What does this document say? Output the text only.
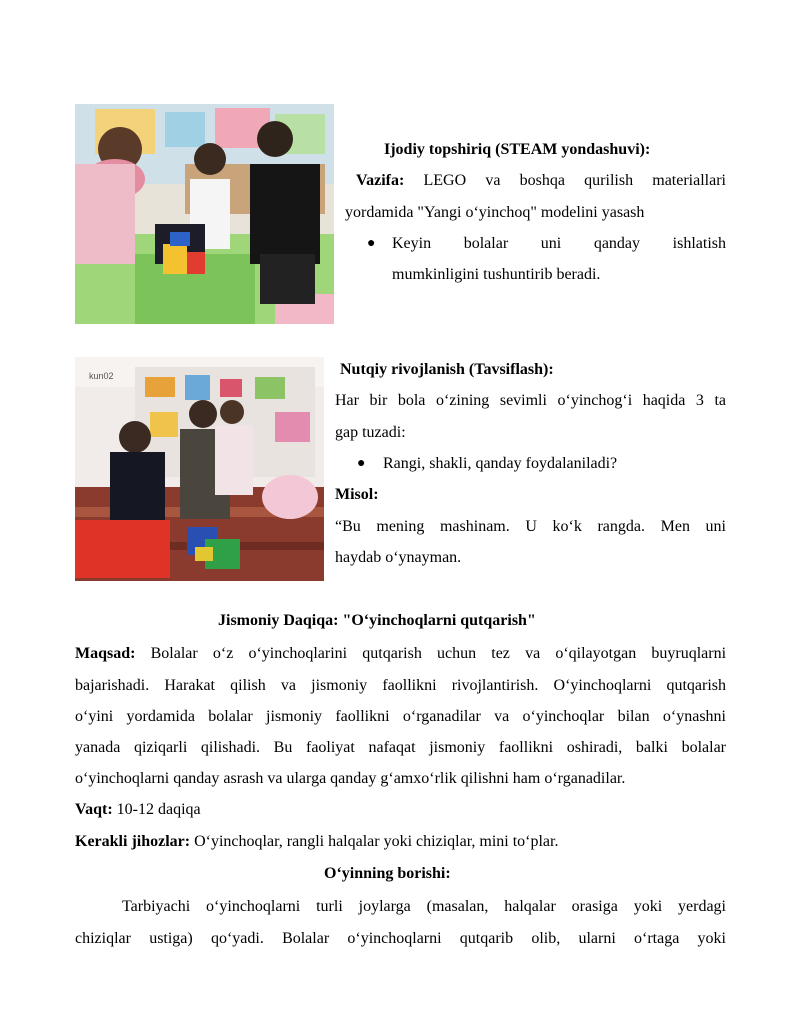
kun02
Ijodiy topshiriq (STEAM yondashuvi):
Vazifa: LEGO va boshqa qurilish materiallari
yordamida "Yangi o‘yinchoq" modelini yasash
● Keyin bolalar uni qanday ishlatish
mumkinligini tushuntirib beradi.
Nutqiy rivojlanish (Tavsiflash):
Har bir bola o‘zining sevimli o‘yinchog‘i haqida 3 ta
gap tuzadi:
● Rangi, shakli, qanday foydalaniladi?
Misol:
“Bu mening mashinam. U ko‘k rangda. Men uni
haydab o‘ynayman.
Jismoniy Daqiqa: "O‘yinchoqlarni qutqarish"
Maqsad: Bolalar o‘z o‘yinchoqlarini qutqarish uchun tez va o‘qilayotgan buyruqlarni
bajarishadi. Harakat qilish va jismoniy faollikni rivojlantirish. O‘yinchoqlarni qutqarish
o‘yini yordamida bolalar jismoniy faollikni o‘rganadilar va o‘yinchoqlar bilan o‘ynashni
yanada qiziqarli qilishadi. Bu faoliyat nafaqat jismoniy faollikni oshiradi, balki bolalar
o‘yinchoqlarni qanday asrash va ularga qanday g‘amxo‘rlik qilishni ham o‘rganadilar.
Vaqt: 10-12 daqiqa
Kerakli jihozlar: O‘yinchoqlar, rangli halqalar yoki chiziqlar, mini to‘plar.
O‘yinning borishi:
Tarbiyachi o‘yinchoqlarni turli joylarga (masalan, halqalar orasiga yoki yerdagi
chiziqlar ustiga) qo‘yadi. Bolalar o‘yinchoqlarni qutqarib olib, ularni o‘rtaga yoki
